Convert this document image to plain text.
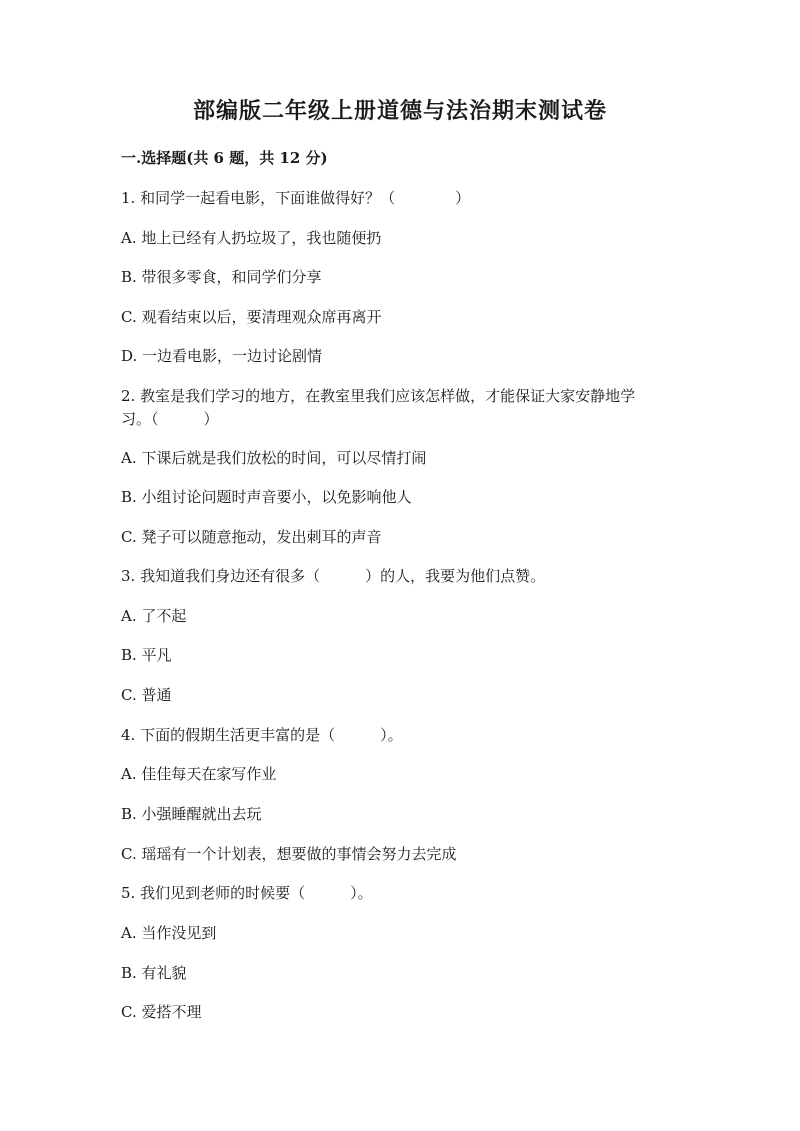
部编版二年级上册道德与法治期末测试卷
一.选择题(共 6 题，共 12 分)
1. 和同学一起看电影，下面谁做得好？（　　　　）
A. 地上已经有人扔垃圾了，我也随便扔
B. 带很多零食，和同学们分享
C. 观看结束以后，要清理观众席再离开
D. 一边看电影，一边讨论剧情
2. 教室是我们学习的地方，在教室里我们应该怎样做，才能保证大家安静地学
习。（　　　）
A. 下课后就是我们放松的时间，可以尽情打闹
B. 小组讨论问题时声音要小，以免影响他人
C. 凳子可以随意拖动，发出刺耳的声音
3. 我知道我们身边还有很多（　　　）的人，我要为他们点赞。
A. 了不起
B. 平凡
C. 普通
4. 下面的假期生活更丰富的是（　　　）。
A. 佳佳每天在家写作业
B. 小强睡醒就出去玩
C. 瑶瑶有一个计划表，想要做的事情会努力去完成
5. 我们见到老师的时候要（　　　）。
A. 当作没见到
B. 有礼貌
C. 爱搭不理
